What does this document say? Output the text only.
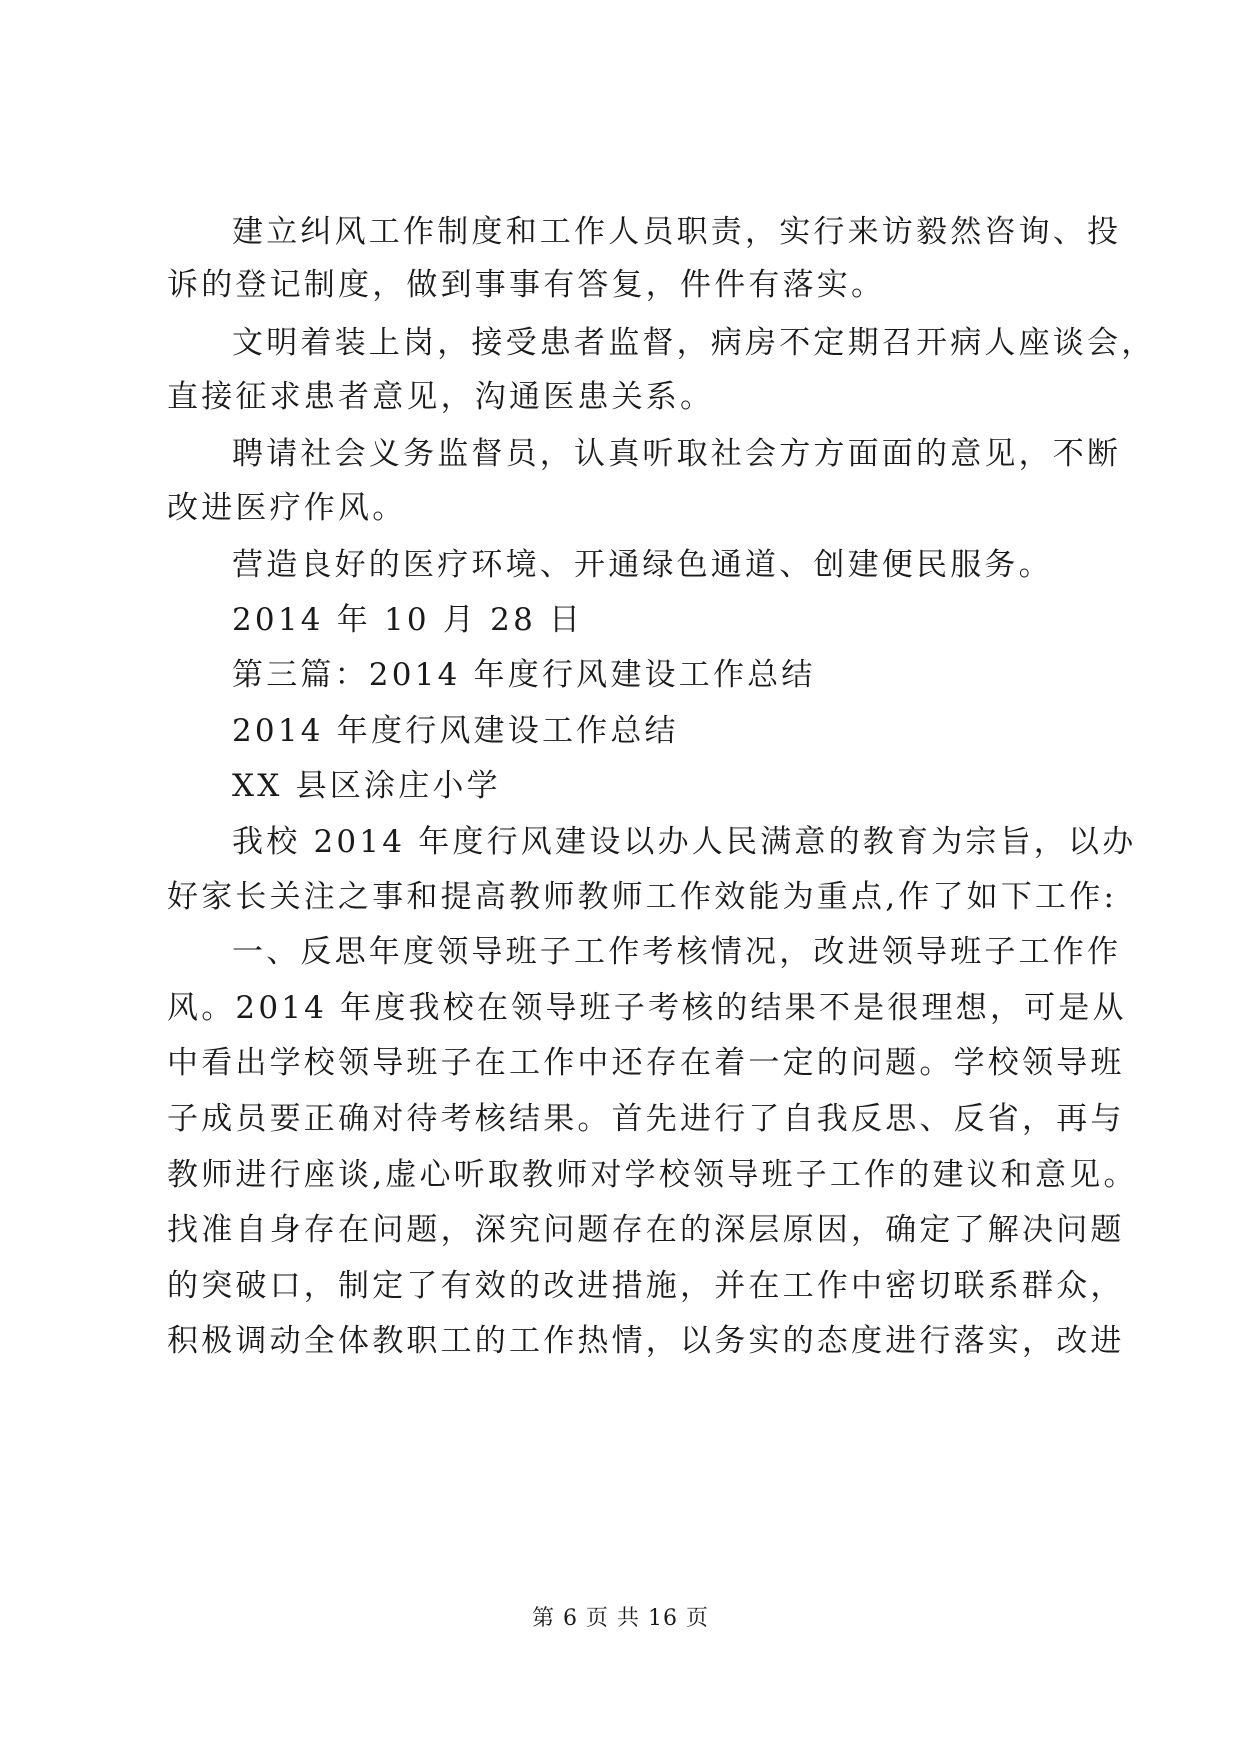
建立纠风工作制度和工作人员职责，实行来访毅然咨询、投
诉的登记制度，做到事事有答复，件件有落实。
文明着装上岗，接受患者监督，病房不定期召开病人座谈会，
直接征求患者意见，沟通医患关系。
聘请社会义务监督员，认真听取社会方方面面的意见，不断
改进医疗作风。
营造良好的医疗环境、开通绿色通道、创建便民服务。
2014 年 10 月 28 日
第三篇：2014 年度行风建设工作总结
2014 年度行风建设工作总结
XX 县区涂庄小学
我校 2014 年度行风建设以办人民满意的教育为宗旨，以办
好家长关注之事和提高教师教师工作效能为重点,作了如下工作:
一、反思年度领导班子工作考核情况，改进领导班子工作作
风。2014 年度我校在领导班子考核的结果不是很理想，可是从
中看出学校领导班子在工作中还存在着一定的问题。学校领导班
子成员要正确对待考核结果。首先进行了自我反思、反省，再与
教师进行座谈,虚心听取教师对学校领导班子工作的建议和意见。
找准自身存在问题，深究问题存在的深层原因，确定了解决问题
的突破口，制定了有效的改进措施，并在工作中密切联系群众，
积极调动全体教职工的工作热情，以务实的态度进行落实，改进
第 6 页 共 16 页
